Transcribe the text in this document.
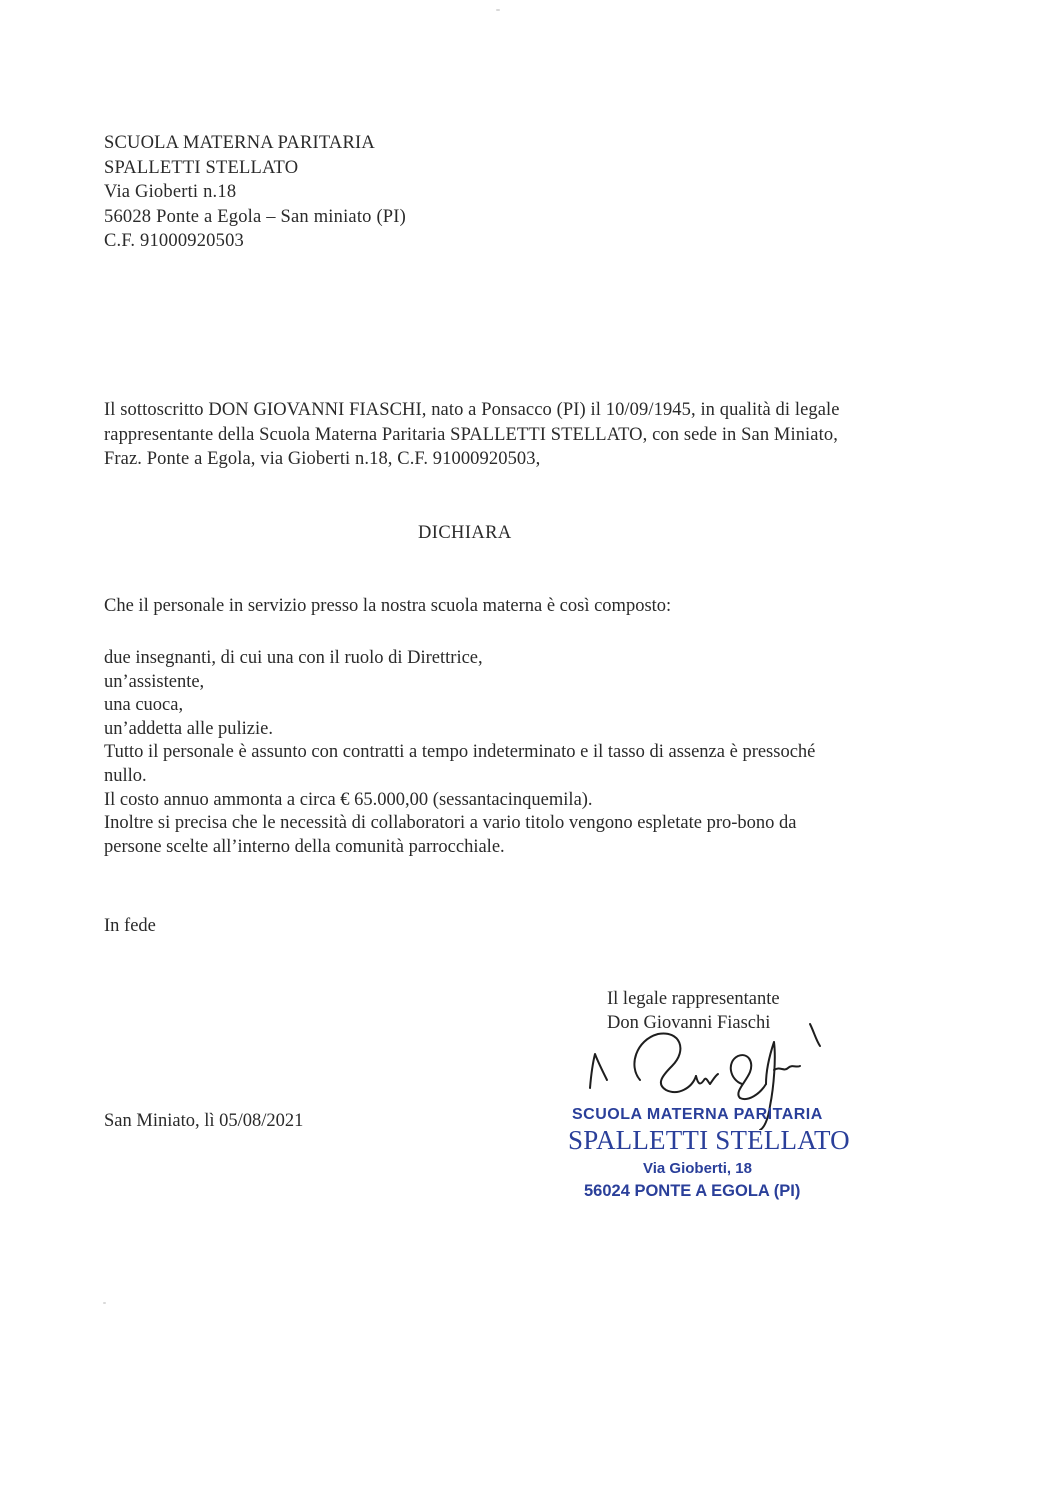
SCUOLA MATERNA PARITARIA
SPALLETTI STELLATO
Via Gioberti n.18
56028 Ponte a Egola – San miniato (PI)
C.F. 91000920503
Il sottoscritto DON GIOVANNI FIASCHI, nato a Ponsacco (PI) il 10/09/1945, in qualità di legale
rappresentante della Scuola Materna Paritaria SPALLETTI STELLATO, con sede in San Miniato,
Fraz. Ponte a Egola, via Gioberti n.18, C.F. 91000920503,
DICHIARA
Che il personale in servizio presso la nostra scuola materna è così composto:
due insegnanti, di cui una con il ruolo di Direttrice,
un’assistente,
una cuoca,
un’addetta alle pulizie.
Tutto il personale è assunto con contratti a tempo indeterminato e il tasso di assenza è pressoché
nullo.
Il costo annuo ammonta a circa € 65.000,00 (sessantacinquemila).
Inoltre si precisa che le necessità di collaboratori a vario titolo vengono espletate pro-bono da
persone scelte all’interno della comunità parrocchiale.
In fede
San Miniato, lì 05/08/2021
Il legale rappresentante
Don Giovanni Fiaschi
SCUOLA MATERNA PARITARIA
SPALLETTI STELLATO
Via Gioberti, 18
56024 PONTE A EGOLA (PI)
